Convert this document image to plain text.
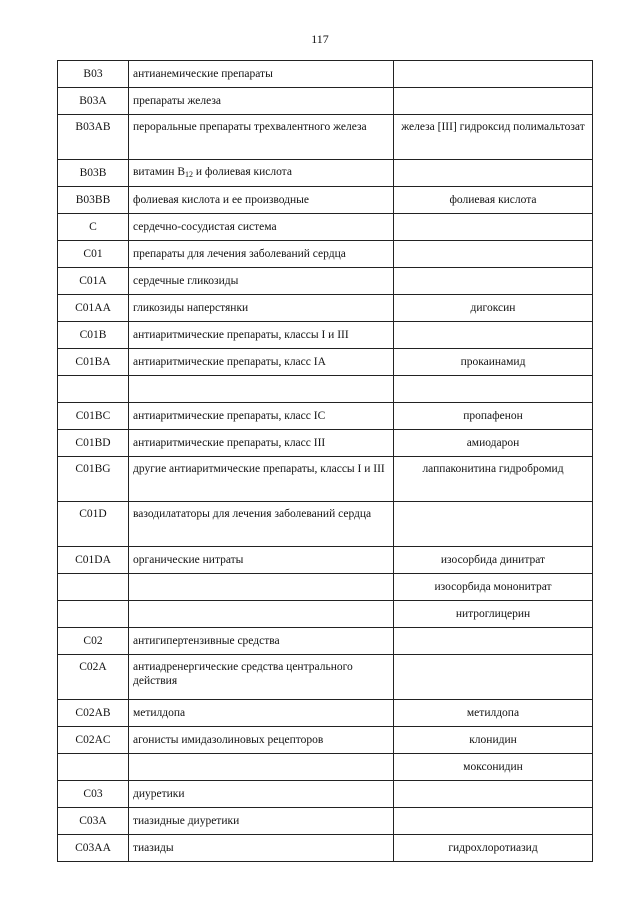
117
B03	антианемические препараты	
B03A	препараты железа	
B03AB	пероральные препараты трехвалентного железа	железа [III] гидроксид полимальтозат
B03B	витамин $B_{12}$ и фолиевая кислота	
B03BB	фолиевая кислота и ее производные	фолиевая кислота
C	сердечно-сосудистая система	
C01	препараты для лечения заболеваний сердца	
C01A	сердечные гликозиды	
C01AA	гликозиды наперстянки	дигоксин
C01B	антиаритмические препараты, классы I и III	
C01BA	антиаритмические препараты, класс IA	прокаинамид

C01BC	антиаритмические препараты, класс IC	пропафенон
C01BD	антиаритмические препараты, класс III	амиодарон
C01BG	другие антиаритмические препараты, классы I и III	лаппаконитина гидробромид
C01D	вазодилататоры для лечения заболеваний сердца	
C01DA	органические нитраты	изосорбида динитрат
		изосорбида мононитрат
		нитроглицерин
C02	антигипертензивные средства	
C02A	антиадренергические средства центрального действия	
C02AB	метилдопа	метилдопа
C02AC	агонисты имидазолиновых рецепторов	клонидин
		моксонидин
C03	диуретики	
C03A	тиазидные диуретики	
C03AA	тиазиды	гидрохлоротиазид
